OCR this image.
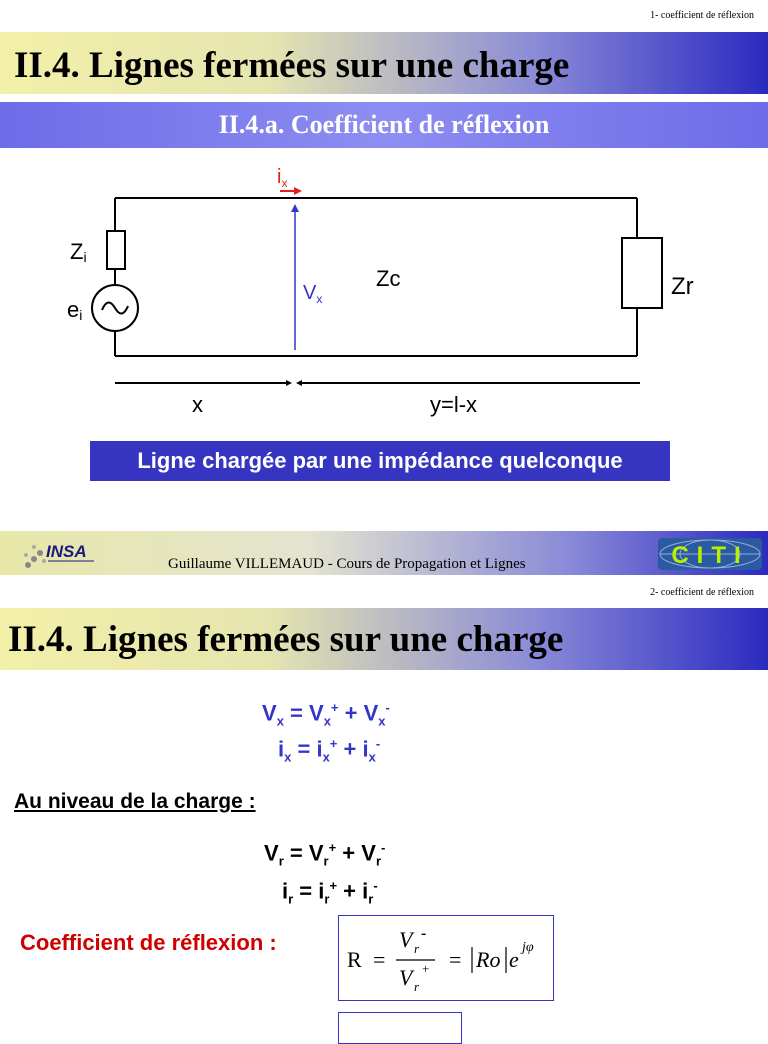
1- coefficient de réflexion
II.4. Lignes fermées sur une charge
II.4.a. Coefficient de réflexion
$i_x$
$V_x$
Zi
ei
Zc	Zr
x	y=l-x
Ligne chargée par une impédance quelconque
INSA
Guillaume VILLEMAUD - Cours de Propagation et Lignes	CITI
2- coefficient de réflexion
II.4. Lignes fermées sur une charge
$V_x = V_x^+ + V_x^-$
$i_x = i_x^+ + i_x^-$
Au niveau de la charge :
$V_r = V_r^+ + V_r^-$
$i_r = i_r^+ + i_r^-$
Coefficient de réflexion :
R =
V r
-
V r
+ = Ro e jφ
